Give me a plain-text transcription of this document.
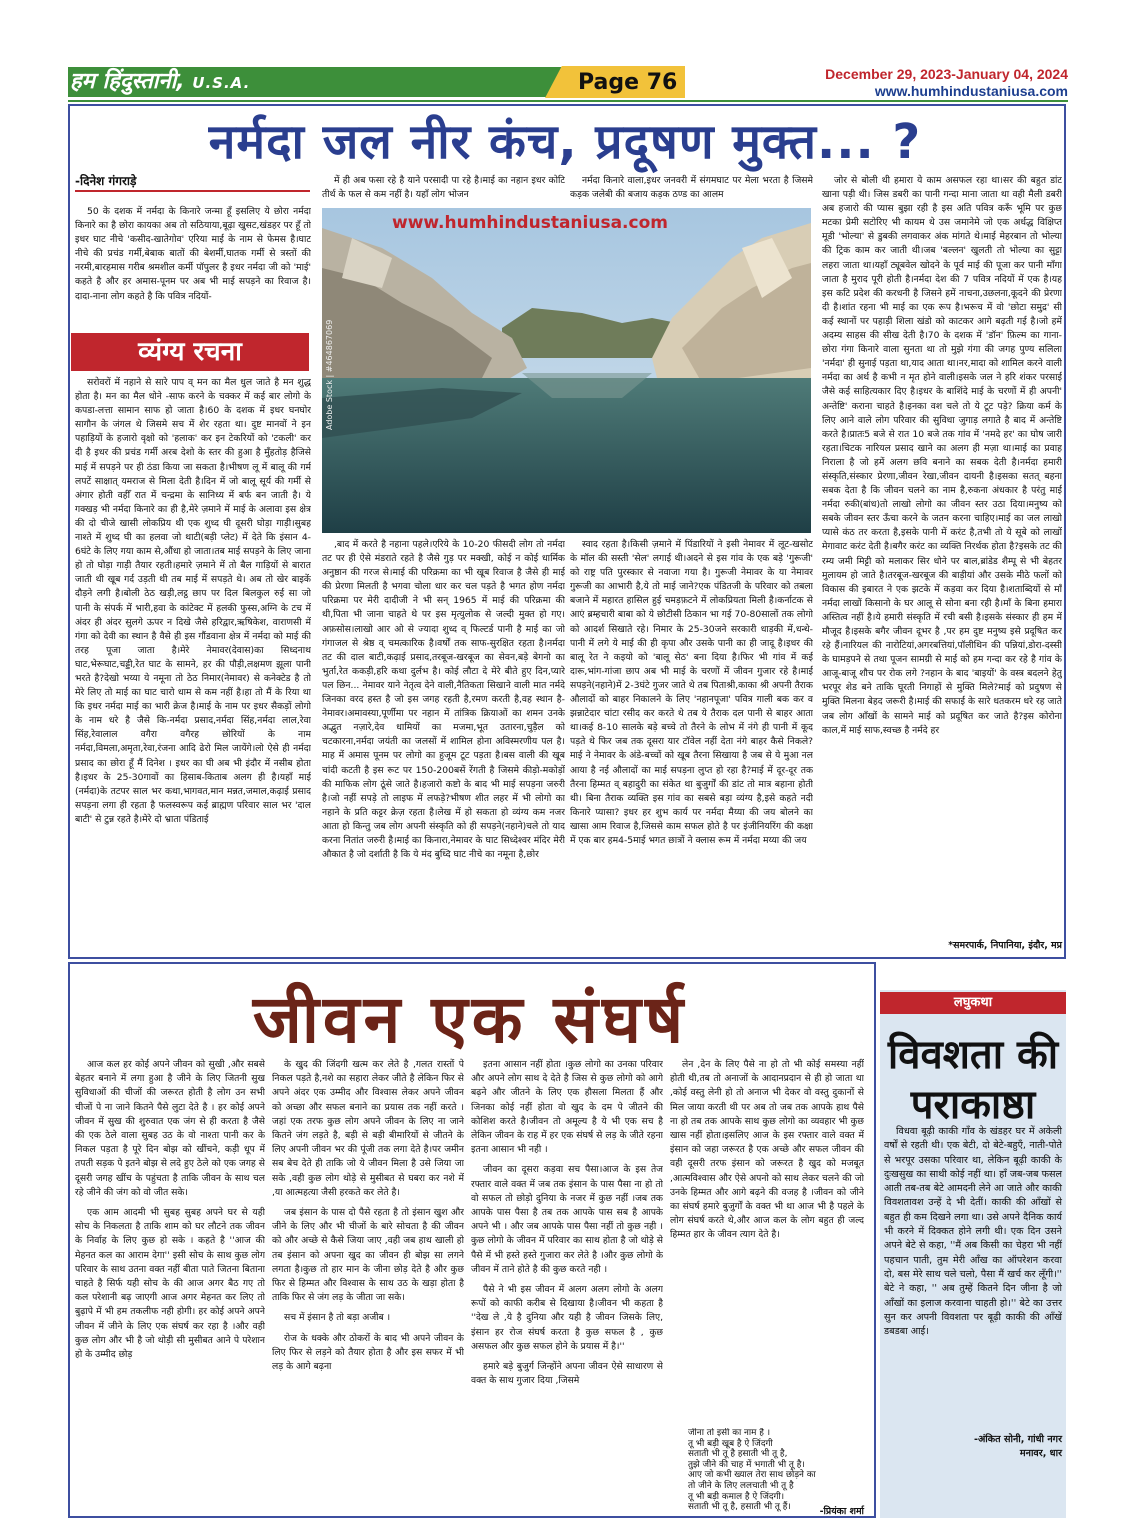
हम हिंदुस्तानी, U.S.A.	Page 76	December 29, 2023-January 04, 2024
www.humhindustaniusa.com
नर्मदा जल नीर कंच, प्रदूषण मुक्त... ?
-दिनेश गंगराड़े

50 के दशक में नर्मदा के किनारे जन्मा हूँ इसलिए ये छोरा नर्मदा किनारे का है छोरा कायका अब तो सठियाया,बूढ़ा खुसट,खंडहर पर हूँ तो इधर घाट नीचे 'कसीद-खातेगोव' एरिया माई के नाम से फेमस है।घाट नीचे की प्रचंड गर्मी,बेबाक बातों की बेशर्मी,घातक गर्मी से त्रस्तों की नरमी,बारहमास गरीब श्रमशील कर्मी पॉपुलर है इधर नर्मदा जी को 'माई' कहते है और हर अमास-पूनम पर अब भी माई सपड़ने का रिवाज है। दादा-नाना लोग कहते है कि पवित्र नदियों-

व्यंग्य रचना

सरोवरों में नहाने से सारे पाप व् मन का मैल धुल जाते है मन शुद्ध होता है। मन का मैल धोने -साफ करने के चक्कर में कई बार लोगो के कपडा-लत्ता सामान साफ हो जाता है।60 के दशक में इधर घनघोर सागौन के जंगल थे जिसमे सच में शेर रहता था। दुष्ट मानवों ने इन पहाड़ियों के हजारो वृक्षो को 'हलाक' कर इन टेकरियों को 'टकली' कर दी है इधर की प्रचंड गर्मी अरब देशो के स्तर की हुआ है मुँहतोड़ हैजिसे माई में सपड़ने पर ही ठंडा किया जा सकता है।भीषण लू में बालू की गर्म लपटें साक्षात् यमराज से मिला देती है।दिन में जो बालू सूर्य की गर्मी से अंगार होती वहीँ रात में चन्द्रमा के सानिध्य में बर्फ बन जाती है। ये गक्खड़ भी नर्मदा किनारे का ही है,मेरे ज़माने में माई के अलावा इस क्षेत्र की दो चीजे खासी लोकप्रिय थी एक शुध्द घी दूसरी घोड़ा गाड़ी।सुबह नाश्ते में शुध्द घी का हलवा जो थाटी(बड़ी प्लेट) में देते कि इंसान 4-6घंटे के लिए गया काम से,औंधा हो जाता।तब माई सपड़ने के लिए जाना हो तो घोड़ा गाड़ी तैयार रहती।हमारे ज़माने में तो बैल गाड़ियों से बारात जाती थी खूब गर्द उड़ती थी तब माई में सपड़ते थे। अब तो खेर बाइकें दौड़ने लगी है।बोली ठेठ खड़ी,लट्ठ छाप पर दिल बिलकुल रुई सा जो पानी के संपर्क में भारी,हवा के कांटेक्ट में हलकी फुस्स,अग्नि के टच में अंदर ही अंदर सुलगे ऊपर न दिखे जैसे हरिद्वार,ऋषिकेश, वाराणसी में गंगा को देवी का स्थान है वैसे ही इस गौंडवाना क्षेत्र में नर्मदा को माई की तरह पूजा जाता है।मेरे नेमावर(देवास)का सिध्दनाथ घाट,भेरूघाट,चड्डी,रेत घाट के सामने, हर की पौड़ी,लक्षमण झूला पानी भरते है?देखो भय्या ये नमूना तो ठेठ निमार(नेमावर) से कनेक्टेड है तो मेरे लिए तो माई का घाट चारो धाम से कम नहीं है।हा तो मैं के रिया था कि इधर नर्मदा माई का भारी क्रेज है।माई के नाम पर इधर सैकड़ों लोगो के नाम धरे है जैसे कि-नर्मदा प्रसाद,नर्मदा सिंह,नर्मदा लाल,रेवा सिंह,रेवालाल वगैरा वगैरह छोरियों के नाम नर्मदा,विमला,अमृता,रेवा,रंजना आदि ढेरो मिल जायेंगे।लो ऐसे ही नर्मदा प्रसाद का छोरा हूँ मैं दिनेश । इधर का घी अब भी इंदौर में नसीब होता है।इधर के 25-30गावों का हिसाब-किताब अलग ही है।यहाँ माई (नर्मदा)के तटपर साल भर कथा,भागवत,मान मन्नत,जमाल,कढ़ाई प्रसाद सपड़ना लगा ही रहता है फलस्वरूप कई ब्राह्मण परिवार साल भर 'दाल बाटी' से टुन्न रहते है।मेरे दो भ्राता पंडिताई

में ही अब फसा रहे है याने परसादी पा रहे है।माई का नहान इधर कोटि तीर्थ के फल से कम नहीं है। यहाँ लोग भोजन

नर्मदा किनारे वाला,इधर जनवरी में संगमघाट पर मेला भरता है जिसमे कड़क जलेबी की बजाय कड़क ठण्ड का आलम

www.humhindustaniusa.com
Adobe Stock | #464867069

,बाद में करते है नहाना पहले।एरिये के 10-20 फीसदी लोग तो नर्मदा तट पर ही ऐसे मंडराते रहते है जैसे गुड़ पर मक्खी, कोई न कोई धार्मिक अनुष्ठान की गरज से।माई की परिक्रमा का भी खूब रिवाज है जैसे ही माई की प्रेरणा मिलती है भगवा चोला धार कर चल पड़ते है भगत होण नर्मदा परिक्रमा पर मेरी दादीजी ने भी सन् 1965 में माई की परिक्रमा की थी,पिता भी जाना चाहते थे पर इस मृत्युलोक से जल्दी मुक्त हो गए।अफ़सोस।लाखो आर ओ से ज्यादा शुध्द व् फिल्टर्ड पानी है माई का जो गंगाजल से श्रेष्ठ व् चमत्कारिक है।वर्षों तक साफ-सुरक्षित रहता है।नर्मदा तट की दाल बाटी,कढ़ाई प्रसाद,तरबूज-खरबूज का सेवन,बड़े बेगनो का भुर्ता,रेत ककड़ी,हरि कथा दुर्लभ है। कोई लौटा दे मेरे बीते हुए दिन,प्यारे पल छिन... नेमावर याने नेतृत्व देने वाली,नैतिकता सिखाने वाली मात नर्मदे जिनका वरद हस्त है जो इस जगह रहती है,रमण करती है,वह स्थान है-नेमावर।अमावस्या,पूर्णीमा पर नहान में तांत्रिक क्रियाओं का शमन उनके अद्भुत नज़ारे,देव धामियों का मजमा,भूत उतारना,चुड़ैल को चटकारना,नर्मदा जयंती का जलसों में शामिल होना अविस्मरणीय पल है।माह में अमास पूनम पर लोगो का हुजूम टूट पड़ता है।बस वाली की खूब चांदी कटती है इस रूट पर 150-200बसें रेंगती है जिसमे कीड़ो-मकोड़ों की माफिक लोग ठूंसे जाते है।हजारो कष्टो के बाद भी माई सपड़ना जरुरी है।जो नहीं सपड़े तो लाइफ में लफड़े?भीषण शीत लहर में भी लोगो का नहाने के प्रति कट्टर क्रेज़ रहता है।लेख में हो सकता हो व्यंग्य कम नजर आता हो किन्तु जब लोग अपनी संस्कृति को ही सपड़ने(नहाने)चले तो याद करना नितांत जरुरी है।माई का किनारा,नेमावर के घाट सिध्देश्वर मंदिर मेरी औकात है जो दर्शाती है कि ये मंद बुध्दि घाट नीचे का नमूना है,छोर

स्वाद रहता है।किसी ज़माने में पिंडारियों ने इसी नेमावर में लूट-खसोट के मॉल की सस्ती 'सेल' लगाई थी।अदने से इस गांव के एक बड़े 'गुरूजी' को राष्ट्र पति पुरस्कार से नवाजा गया है। गुरूजी नेमावर के या नेमावर गुरूजी का आभारी है,ये तो माई जाने?एक पंडितजी के परिवार को तबला बजाने में महारत हासिल हुई चमड़फ़टने में लोकप्रियता मिली है।कर्नाटक से आएं ब्रम्हचारी बाबा को ये छोटीसी ठिकान भा गई 70-80सालों तक लोगो को आदर्श सिखाते रहे। निमार के 25-30जने सरकारी धाड़की में,धन्धे-पानी में लगे ये माई की ही कृपा और उसके पानी का ही जादू है।इधर की बालू रेत ने कइयो को 'बालू सेठ' बना दिया है।फिर भी गांव में कई दारू,भांग-गांजा छाप अब भी माई के चरणों में जीवन गुजार रहे है।माई सपड़ने(नहाने)में 2-3घंटे गुजर जाते थे तब पिताश्री,काका श्री अपनी तैराक औलादों को बाहर निकालने के लिए 'नहानपूजा' पवित्र गाली बक कर व झन्नाटेदार चांटा रसीद कर करते थे तब ये तैराक दल पानी से बाहर आता था।कई 8-10 सालके बड़े बच्चे तो तैरने के लोभ में नंगे ही पानी में कूद पड़ते थे फिर जब तक दूसरा यार टॉवेल नहीं देता नंगे बाहर कैसे निकले?माई ने नेमावर के अंडे-बच्चों को खूब तैरना सिखाया है जब से ये मुआ नल आया है नई औलादों का माई सपड़ना लुप्त हो रहा है?माई में दूर-दूर तक तैरना हिम्मत व् बहादुरी का संकेत था बुजुर्गों की डांट तो मात्र बहाना होती थी। बिना तैराक व्यक्ति इस गांव का सबसे बड़ा व्यंग्य है,इसे कहते नदी किनारे प्यासा? इधर हर शुभ कार्य पर नर्मदा मैय्या की जय बोलने का खासा आम रिवाज है,जिससे काम सफल होते है पर इंजीनियरिंग की कक्षा में एक बार हम4-5माई भगत छात्रों ने क्लास रूम में नर्मदा मय्या की जय

जोर से बोली थी हमारा ये काम असफल रहा था।सर की बहुत डांट खाना पड़ी थी। जिस डबरी का पानी गन्दा माना जाता था वही मैली डबरी अब हजारो की प्यास बुझा रही है इस अति पवित्र करूँ भूमि पर कुछ मटका प्रेमी सटोरिए भी कायम थे उस जमानेमे जो एक अर्धद्ध विक्षिप्त मूडी 'भोल्या' से डुबकी लगवाकर अंक मांगते थे।माई मेहरबान तो भोल्या की ट्रिक काम कर जाती थी।जब 'बल्लन' खुलती तो भोल्या का सुट्टा लहरा जाता था।यहाँ ट्यूबवेल खोदने के पूर्व माई की पूजा कर पानी माँगा जाता है मुराद पूरी होती है।नर्मदा देश की 7 पवित्र नदियों में एक है।यह इस कटि प्रदेश की करधनी है जिसने हमें नाचना,उछलना,कूदने की प्रेरणा दी है।शांत रहना भी माई का एक रूप है।भरूच में वो 'छोटा समुद्र' सी कई स्थानों पर पहाड़ी शिला खंडो को काटकर आगे बढ़ती गई है।जो हमें अदम्य साहस की सीख देती है।70 के दशक में 'डॉन' फ़िल्म का गाना-छोरा गंगा किनारे वाला सुनता था तो मुझे गंगा की जगह पुण्य सलिला 'नर्मदा' ही सुनाई पड़ता था,याद आता था।नर,मादा को शामिल करने वाली नर्मदा का अर्थ है कभी न मृत होने वाली।इसके जल ने हरि शंकर परसाई जैसे कई साहित्यकार दिए है।इधर के बाशिंदे माई के चरणों में ही अपनी' अन्तेष्टि' कराना चाहते है।इनका वश चले तो ये टूट पड़े? क्रिया कर्म के लिए आने वाले लोग परिवार की सुविधा जुगाड़ लगाते है बाद में अन्तेष्टि करते है।प्रातः5 बजे से रात 10 बजे तक गांव में 'नमदे हर' का घोष जारी रहता।चिटक नारियल प्रसाद खाने का अलग ही मज़ा था।माई का प्रवाह निराला है जो हमें अलग छवि बनाने का सबक देती है।नर्मदा हमारी संस्कृति,संस्कार प्रेरणा,जीवन रेखा,जीवन दायनी है।इसका सतत् बहना सबक देता है कि जीवन चलने का नाम है,रुकना अंधकार है परंतु माई नर्मदा रुकी(बांध)तो लाखो लोगो का जीवन स्तर उठा दिया।मनुष्य को सबके जीवन स्तर ऊँचा करने के जतन करना चाहिए।माई का जल लाखो प्यासे कंठ तर करता है,इसके पानी में करंट है,तभी तो ये सूबे को लाखों मेगावाट करंट देती है।बगैर करंट का व्यक्ति निरर्थक होता है?इसके तट की रम्य जमी मिट्टी को मलाकर सिर धोने पर बाल,ब्रांडेड शैम्पू से भी बेहतर मुलायम हो जाते है।तरबूज-खरबूज की बाड़ीयां और उसके मीठे फलों को विकास की इबारत ने एक झटके में कड़वा कर दिया है।शताब्दियों से माँ नर्मदा लाखों किसानो के घर आलू से सोना बना रही है।माँ के बिना हमारा अस्तित्व नहीं है।ये हमारी संस्कृति में रची बसी है।इसके संस्कार ही हम में मौजूद है।इसके बगैर जीवन दूभर है ,पर हम दुष्ट मनुष्य इसे प्रदूषित कर रहे हैं।नारियल की नारोटियां,अगरबत्तियां,पॉलीथिन की पन्नियां,डोरा-दस्सी के घामड़पने से तथा पूजन सामग्री से माई को हम गन्दा कर रहे है गांव के आजू-बाजू शौच पर रोक लगे ?नहान के बाद 'बाइयों' के वस्त्र बदलने हेतु भरपूर शेड बने ताकि घूरती निगाहों से मुक्ति मिले?माई को प्रदुषण से मुक्ति मिलना बेहद जरूरी है।माई की सफाई के सारे धतकरम धरे रह जाते जब लोग आँखों के सामने माई को प्रदूषित कर जाते है?इस कोरोना काल,में माई साफ,स्वच्छ है नर्मदे हर

*समरपार्क, निपानिया, इंदौर, मप्र
जीवन एक संघर्ष

आज कल हर कोई अपने जीवन को सुखी ,और सबसे बेहतर बनाने में लगा हुआ है जीने के लिए जितनी सुख सुविधाओं की चीजों की जरूरत होती है लोग उन सभी चीजों पे ना जाने कितने पैसे लुटा देते है । हर कोई अपने जीवन में सुख की शुरुवात एक जंग से ही करता है जैसे की एक ठेले वाला सुबह उठ के वो नाश्ता पानी कर के निकल पड़ता है पूरे दिन बोझ को खींचने, कड़ी धूप में तपती सड़क पे इतने बोझ से लदे हुए ठेले को एक जगह से दूसरी जगह खींच के पहुंचता है ताकि जीवन के साथ चल रहे जीने की जंग को वो जीत सके।

एक आम आदमी भी सुबह सुबह अपने घर से यही सोच के निकलता है ताकि शाम को घर लौटने तक जीवन के निर्वाह के लिए कुछ हो सके । कहते है ''आज की मेहनत कल का आराम देगा'' इसी सोच के साथ कुछ लोग परिवार के साथ उतना वक्त नहीं बीता पाते जितना बिताना चाहते है सिर्फ यही सोच के की आज अगर बैठ गए तो कल परेशानी बढ़ जाएगी आज अगर मेहनत कर लिए तो बुढ़ापे में भी हम तकलीफ नही होगी। हर कोई अपने अपने जीवन में जीने के लिए एक संघर्ष कर रहा है ।और वही कुछ लोग और भी है जो थोड़ी सी मुसीबत आने पे परेशान हो के उम्मीद छोड़

के खुद की जिंदगी खत्म कर लेते है ,गलत रास्तों पे निकल पड़ते है,नशे का सहारा लेकर जीते है लेकिन फिर से अपने अंदर एक उम्मीद और विश्वास लेकर अपने जीवन को अच्छा और सफल बनाने का प्रयास तक नहीं करते ।जहां एक तरफ कुछ लोग अपने जीवन के लिए ना जाने कितने जंग लड़ते है, बड़ी से बड़ी बीमारियों से जीतने के लिए अपनी जीवन भर की पूंजी तक लगा देते है।पर जमीन सब बेच देते ही ताकि जो ये जीवन मिला है उसे जिया जा सके ,वही कुछ लोग थोड़े से मुसीबत से घबरा कर नशे में ,या आत्महत्या जैसी हरकते कर लेते है।

जब इंसान के पास दो पैसे रहता है तो इंसान खुश और जीने के लिए और भी चीजों के बारे सोचता है की जीवन को और अच्छे से कैसे जिया जाए ,वही जब हाथ खाली हो तब इंसान को अपना खुद का जीवन ही बोझ सा लगने लगता है।कुछ तो हार मान के जीना छोड़ देते है और कुछ फिर से हिम्मत और विश्वास के साथ उठ के खड़ा होता है ताकि फिर से जंग लड़ के जीता जा सके।

सच में इंसान है तो बड़ा अजीब ।

रोज के धक्के और ठोकरों के बाद भी अपने जीवन के लिए फिर से लड़ने को तैयार होता है और इस सफर में भी लड़ के आगे बढ़ना

इतना आसान नहीं होता ।कुछ लोगो का उनका परिवार और अपने लोग साथ दे देते है जिस से कुछ लोगो को आगे बढ़ने और जीतने के लिए एक हौसला मिलता हैं और जिनका कोई नहीं होता वो खुद के दम पे जीतने की कोशिश करते है।जीवन तो अमूल्य है ये भी एक सच है लेकिन जीवन के राह में हर एक संघर्ष से लड़ के जीते रहना इतना आसान भी नही ।

जीवन का दूसरा कड़वा सच पैसा।आज के इस तेज रफ्तार वाले वक्त में जब तक इंसान के पास पैसा ना हो तो वो सफल तो छोड़ो दुनिया के नजर में कुछ नहीं ।जब तक आपके पास पैसा है तब तक आपके पास सब है आपके अपने भी । और जब आपके पास पैसा नहीं तो कुछ नही ।कुछ लोगो के जीवन में परिवार का साथ होता है जो थोड़े से पैसे में भी हस्ते हस्ते गुजारा कर लेते है ।और कुछ लोगो के जीवन में ताने होते है की कुछ करते नही ।

पैसे ने भी इस जीवन में अलग अलग लोगो के अलग रूपों को काफी करीब से दिखाया है।जीवन भी कहता है ''देख ले ,ये है दुनिया और यही है जीवन जिसके लिए, इंसान हर रोज संघर्ष करता है कुछ सफल है , कुछ असफल और कुछ सफल होने के प्रयास में है।''

हमारे बड़े बुजुर्ग जिन्होंने अपना जीवन ऐसे साधारण से वक्त के साथ गुजार दिया ,जिसमे

लेन ,देन के लिए पैसे ना हो तो भी कोई समस्या नहीं होती थी,तब तो अनाजों के आदानप्रदान से ही हो जाता था ,कोई वस्तु लेनी हो तो अनाज भी देकर वो वस्तु दुकानों से मिल जाया करती थी पर अब तो जब तक आपके हाथ पैसे ना हो तब तक आपके साथ कुछ लोगो का व्यवहार भी कुछ खास नहीं होता।इसलिए आज के इस रफ्तार वाले वक्त में इंसान को जहा जरूरत है एक अच्छे और सफल जीवन की वही दूसरी तरफ इंसान को जरूरत है खुद को मजबूत ,आत्मविश्वास और ऐसे अपनो को साथ लेकर चलने की जो उनके हिम्मत और आगे बढ़ने की वजह है ।जीवन को जीने का संघर्ष हमारे बुजुर्गों के वक्त भी था आज भी है पहले के लोग संघर्ष करते थे,और आज कल के लोग बहुत ही जल्द हिम्मत हार के जीवन त्याग देते है।

जीना तो इसी का नाम है ।
तू भी बड़ी खूब है ऐ जिंदगी
सताती भी तू है हसाती भी तू है,
तुझे जीने की चाह में भगाती भी तू है।
आए जो कभी ख्याल तेरा साथ छोड़ने का
तो जीने के लिए ललचाती भी तू है
तू भी बड़ी कमाल है ऐ जिंदगी।
सताती भी तू है, हसाती भी तू हैं।	-प्रियंका शर्मा
लघुकथा
विवशता की पराकाष्ठा

विधवा बूढ़ी काकी गाँव के खंडहर घर में अकेली वर्षों से रहती थी। एक बेटी, दो बेटे-बहुएँ, नाती-पोते से भरपूर उसका परिवार था, लेकिन बूढ़ी काकी के दुःखसुख का साथी कोई नहीं था। हाँ जब-जब फसल आती तब-तब बेटे आमदनी लेने आ जाते और काकी विवशतावश उन्हें दे भी देतीं। काकी की आँखों से बहुत ही कम दिखने लगा था। उसे अपने दैनिक कार्य भी करने में दिक्कत होने लगी थी। एक दिन उसने अपने बेटे से कहा, ''मैं अब किसी का चेहरा भी नहीं पहचान पाती, तुम मेरी आँख का ऑपरेशन करवा दो, बस मेरे साथ चले चलो, पैसा मैं खर्च कर लूँगी।'' बेटे ने कहा, '' अब तुम्हें कितने दिन जीना है जो आँखों का इलाज करवाना चाहती हो।'' बेटे का उत्तर सुन कर अपनी विवशता पर बूढ़ी काकी की आँखें डबडबा आई।

-अंकित सोनी, गांधी नगर
मनावर, धार
